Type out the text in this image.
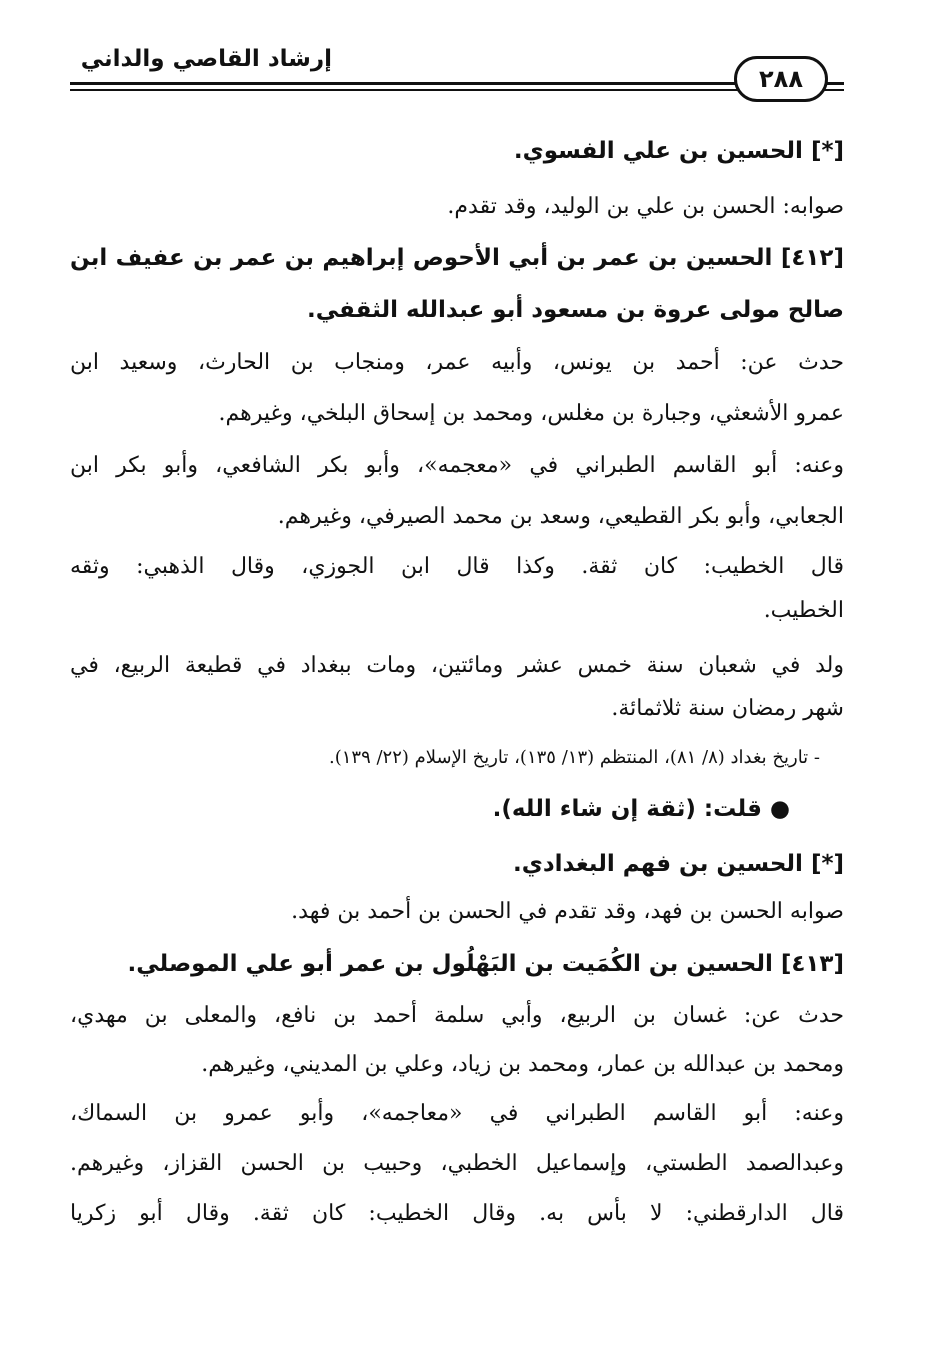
إرشاد القاصي والداني
٢٨٨
[*] الحسين بن علي الفسوي.
صوابه: الحسن بن علي بن الوليد، وقد تقدم.
[٤١٢] الحسين بن عمر بن أبي الأحوص إبراهيم بن عمر بن عفيف ابن
صالح مولى عروة بن مسعود أبو عبدالله الثقفي.
حدث عن: أحمد بن يونس، وأبيه عمر، ومنجاب بن الحارث، وسعيد ابن
عمرو الأشعثي، وجبارة بن مغلس، ومحمد بن إسحاق البلخي، وغيرهم.
وعنه: أبو القاسم الطبراني في «معجمه»، وأبو بكر الشافعي، وأبو بكر ابن
الجعابي، وأبو بكر القطيعي، وسعد بن محمد الصيرفي، وغيرهم.
قال الخطيب: كان ثقة. وكذا قال ابن الجوزي، وقال الذهبي: وثقه
الخطيب.
ولد في شعبان سنة خمس عشر ومائتين، ومات ببغداد في قطيعة الربيع، في
شهر رمضان سنة ثلاثمائة.
- تاريخ بغداد (٨/ ٨١)، المنتظم (١٣/ ١٣٥)، تاريخ الإسلام (٢٢/ ١٣٩).
● قلت: (ثقة إن شاء الله).
[*] الحسين بن فهم البغدادي.
صوابه الحسن بن فهد، وقد تقدم في الحسن بن أحمد بن فهد.
[٤١٣] الحسين بن الكُمَيت بن البَهْلُول بن عمر أبو علي الموصلي.
حدث عن: غسان بن الربيع، وأبي سلمة أحمد بن نافع، والمعلى بن مهدي،
ومحمد بن عبدالله بن عمار، ومحمد بن زياد، وعلي بن المديني، وغيرهم.
وعنه: أبو القاسم الطبراني في «معاجمه»، وأبو عمرو بن السماك،
وعبدالصمد الطستي، وإسماعيل الخطبي، وحبيب بن الحسن القزاز، وغيرهم.
قال الدارقطني: لا بأس به. وقال الخطيب: كان ثقة. وقال أبو زكريا
